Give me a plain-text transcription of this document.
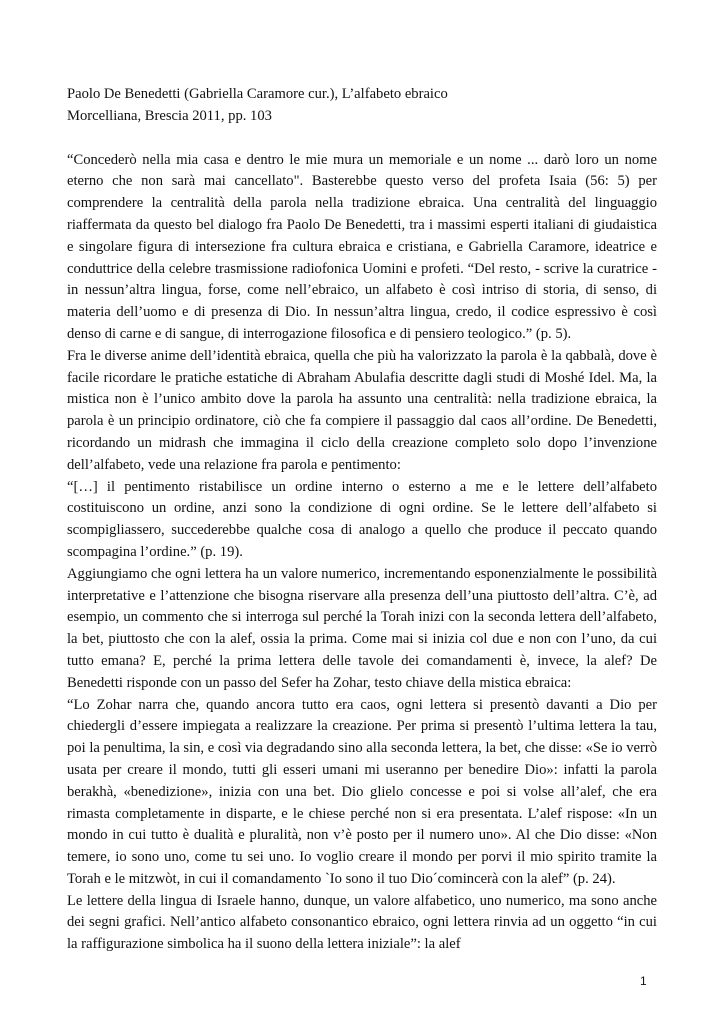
Paolo De Benedetti (Gabriella Caramore cur.), L’alfabeto ebraico

Morcelliana, Brescia 2011, pp. 103

“Concederò nella mia casa e dentro le mie mura un memoriale e un nome ... darò loro un nome eterno che non sarà mai cancellato". Basterebbe questo verso del profeta Isaia (56: 5) per comprendere la centralità della parola nella tradizione ebraica. Una centralità del linguaggio riaffermata da questo bel dialogo fra Paolo De Benedetti, tra i massimi esperti italiani di giudaistica e singolare figura di intersezione fra cultura ebraica e cristiana, e Gabriella Caramore, ideatrice e conduttrice della celebre trasmissione radiofonica Uomini e profeti. “Del resto, - scrive la curatrice - in nessun’altra lingua, forse, come nell’ebraico, un alfabeto è così intriso di storia, di senso, di materia dell’uomo e di presenza di Dio. In nessun’altra lingua, credo, il codice espressivo è così denso di carne e di sangue, di interrogazione filosofica e di pensiero teologico.” (p. 5).

Fra le diverse anime dell’identità ebraica, quella che più ha valorizzato la parola è la qabbalà, dove è facile ricordare le pratiche estatiche di Abraham Abulafia descritte dagli studi di Moshé Idel. Ma, la mistica non è l’unico ambito dove la parola ha assunto una centralità: nella tradizione ebraica, la parola è un principio ordinatore, ciò che fa compiere il passaggio dal caos all’ordine. De Benedetti, ricordando un midrash che immagina il ciclo della creazione completo solo dopo l’invenzione dell’alfabeto, vede una relazione fra parola e pentimento:

“[…] il pentimento ristabilisce un ordine interno o esterno a me e le lettere dell’alfabeto costituiscono un ordine, anzi sono la condizione di ogni ordine. Se le lettere dell’alfabeto si scompigliassero, succederebbe qualche cosa di analogo a quello che produce il peccato quando scompagina l’ordine.” (p. 19).

Aggiungiamo che ogni lettera ha un valore numerico, incrementando esponenzialmente le possibilità interpretative e l’attenzione che bisogna riservare alla presenza dell’una piuttosto dell’altra. C’è, ad esempio, un commento che si interroga sul perché la Torah inizi con la seconda lettera dell’alfabeto, la bet, piuttosto che con la alef, ossia la prima. Come mai si inizia col due e non con l’uno, da cui tutto emana? E, perché la prima lettera delle tavole dei comandamenti è, invece, la alef? De Benedetti risponde con un passo del Sefer ha Zohar, testo chiave della mistica ebraica:

“Lo Zohar narra che, quando ancora tutto era caos, ogni lettera si presentò davanti a Dio per chiedergli d’essere impiegata a realizzare la creazione. Per prima si presentò l’ultima lettera la tau, poi la penultima, la sin, e così via degradando sino alla seconda lettera, la bet, che disse: «Se io verrò usata per creare il mondo, tutti gli esseri umani mi useranno per benedire Dio»: infatti la parola berakhà, «benedizione», inizia con una bet. Dio glielo concesse e poi si volse all’alef, che era rimasta completamente in disparte, e le chiese perché non si era presentata. L’alef rispose: «In un mondo in cui tutto è dualità e pluralità, non v’è posto per il numero uno». Al che Dio disse: «Non temere, io sono uno, come tu sei uno. Io voglio creare il mondo per porvi il mio spirito tramite la Torah e le mitzwòt, in cui il comandamento `Io sono il tuo Dio´comincerà con la alef” (p. 24).

Le lettere della lingua di Israele hanno, dunque, un valore alfabetico, uno numerico, ma sono anche dei segni grafici. Nell’antico alfabeto consonantico ebraico, ogni lettera rinvia ad un oggetto “in cui la raffigurazione simbolica ha il suono della lettera iniziale”: la alef

1
